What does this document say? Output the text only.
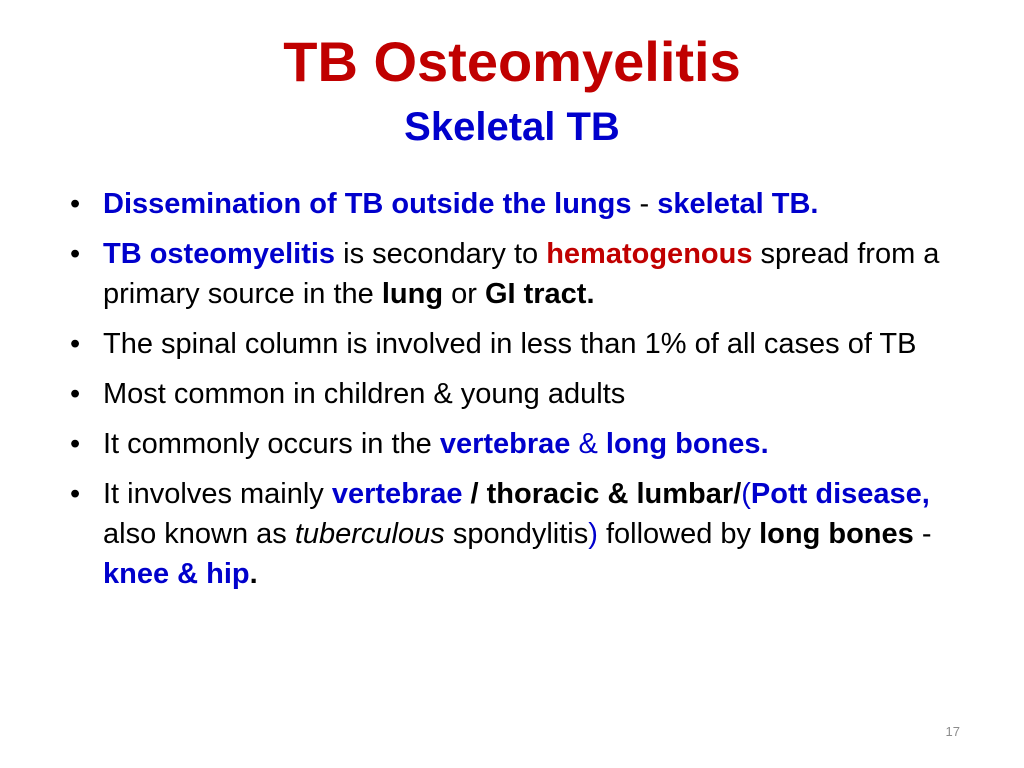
TB Osteomyelitis
Skeletal TB
• Dissemination of TB outside the lungs - skeletal TB.
• TB osteomyelitis is secondary to hematogenous spread from a primary source in the lung or GI tract.
• The spinal column is involved in less than 1% of all cases of TB
• Most common in children & young adults
• It commonly occurs in the vertebrae & long bones.
• It involves mainly vertebrae / thoracic & lumbar/(Pott disease, also known as tuberculous spondylitis) followed by long bones - knee & hip.
17
